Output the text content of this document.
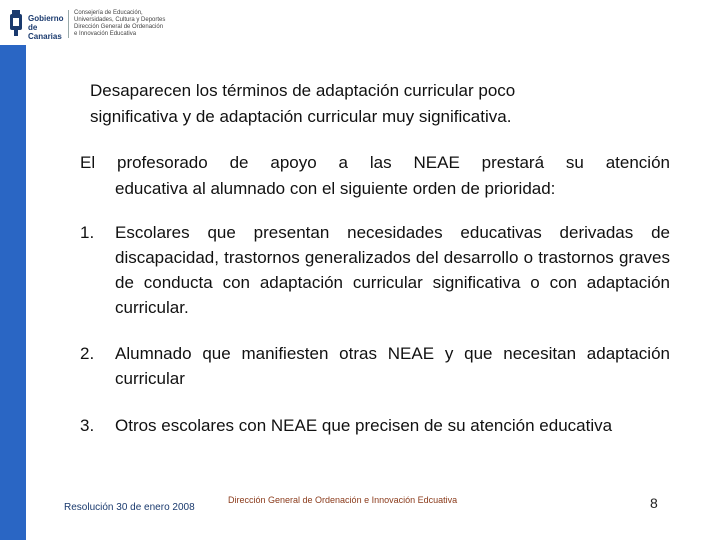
Gobierno
de Canarias
Consejería de Educación,
Universidades, Cultura y Deportes
Dirección General de Ordenación
e Innovación Educativa
Desaparecen los términos de adaptación curricular poco
significativa y de adaptación curricular muy significativa.
El profesorado de apoyo a las NEAE prestará su atención
educativa al alumnado con el siguiente orden de prioridad:
1. Escolares que presentan necesidades educativas derivadas de discapacidad, trastornos generalizados del desarrollo o trastornos graves de conducta con adaptación curricular significativa o con adaptación curricular.
2. Alumnado que manifiesten otras NEAE y que necesitan adaptación curricular
3. Otros escolares con NEAE que precisen de su atención educativa
Resolución 30 de enero 2008
Dirección General de Ordenación e Innovación Edcuativa	8
